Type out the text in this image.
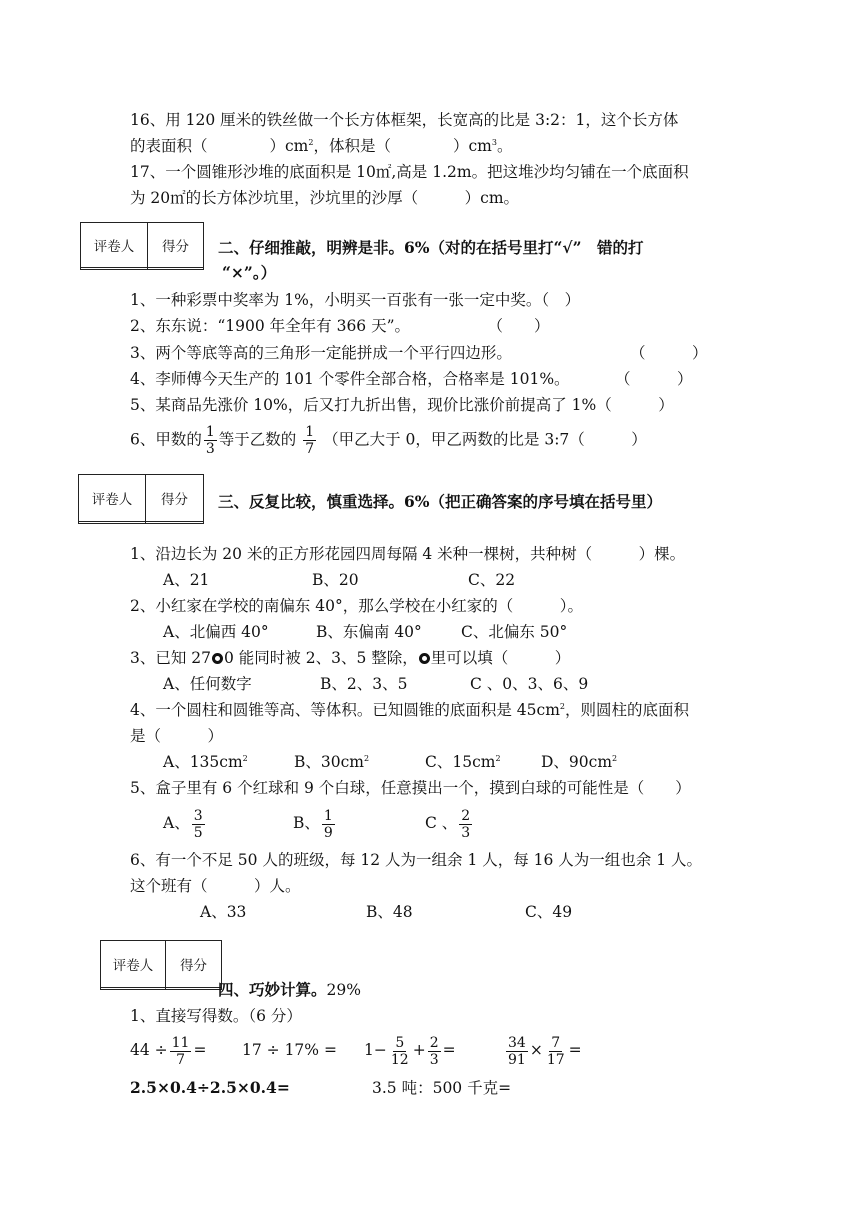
16、用 120 厘米的铁丝做一个长方体框架，长宽高的比是 3:2：1，这个长方体
的表面积（　　　　）$cm^2$，体积是（　　　　）$cm^3$。
17、一个圆锥形沙堆的底面积是 10㎡,高是 1.2m。把这堆沙均匀铺在一个底面积
为 20㎡的长方体沙坑里，沙坑里的沙厚（　　　）cm。
评卷人	得分
	二、仔细推敲，明辨是非。6%（对的在括号里打“√”　错的打
“×”。）
1、一种彩票中奖率为 1%，小明买一百张有一张一定中奖。（　）
2、东东说：“1900 年全年有 366 天”。　　　　　　（　　）
3、两个等底等高的三角形一定能拼成一个平行四边形。	（　　　）
4、李师傅今天生产的 101 个零件全部合格，合格率是 101%。	（　　　）
5、某商品先涨价 10%，后又打九折出售，现价比涨价前提高了 1%（　　　）
6、甲数的 $\frac{1}{3}$ 等于乙数的 $\frac{1}{7}$ （甲乙大于 0，甲乙两数的比是 3:7（　　　）
评卷人	得分
	三、反复比较，慎重选择。6%（把正确答案的序号填在括号里）
1、沿边长为 20 米的正方形花园四周每隔 4 米种一棵树，共种树（　　　）棵。
A、21	B、20	C、22
2、小红家在学校的南偏东 40°，那么学校在小红家的（　　　）。
A、北偏西 40°	B、东偏南 40°	C、北偏东 50°
3、已知 27 0 能同时被 2、3、5 整除， 里可以填（　　　）
A、任何数字	B、2、3、5	C 、0、3、6、9
4、一个圆柱和圆锥等高、等体积。已知圆锥的底面积是 $45cm^2$，则圆柱的底面积
是（　　　）
A、$135cm^2$	B、$30cm^2$	C、$15cm^2$	D、$90cm^2$
5、盒子里有 6 个红球和 9 个白球，任意摸出一个，摸到白球的可能性是（　　）
A、 $\frac{3}{5}$	B、 $\frac{1}{9}$	C 、 $\frac{2}{3}$
6、有一个不足 50 人的班级，每 12 人为一组余 1 人，每 16 人为一组也余 1 人。
这个班有（　　　）人。
A、33	B、48	C、49
评卷人	得分

四、巧妙计算。29%
1、直接写得数。（6 分）
$44 \div \frac{11}{7} = 17 \div 17\% = 1- \frac{5}{12} + \frac{2}{3}$ =	$\frac{34}{91} \times \frac{7}{17}$ =
2.5×0.4÷2.5×0.4=	3.5 吨：500 千克=
